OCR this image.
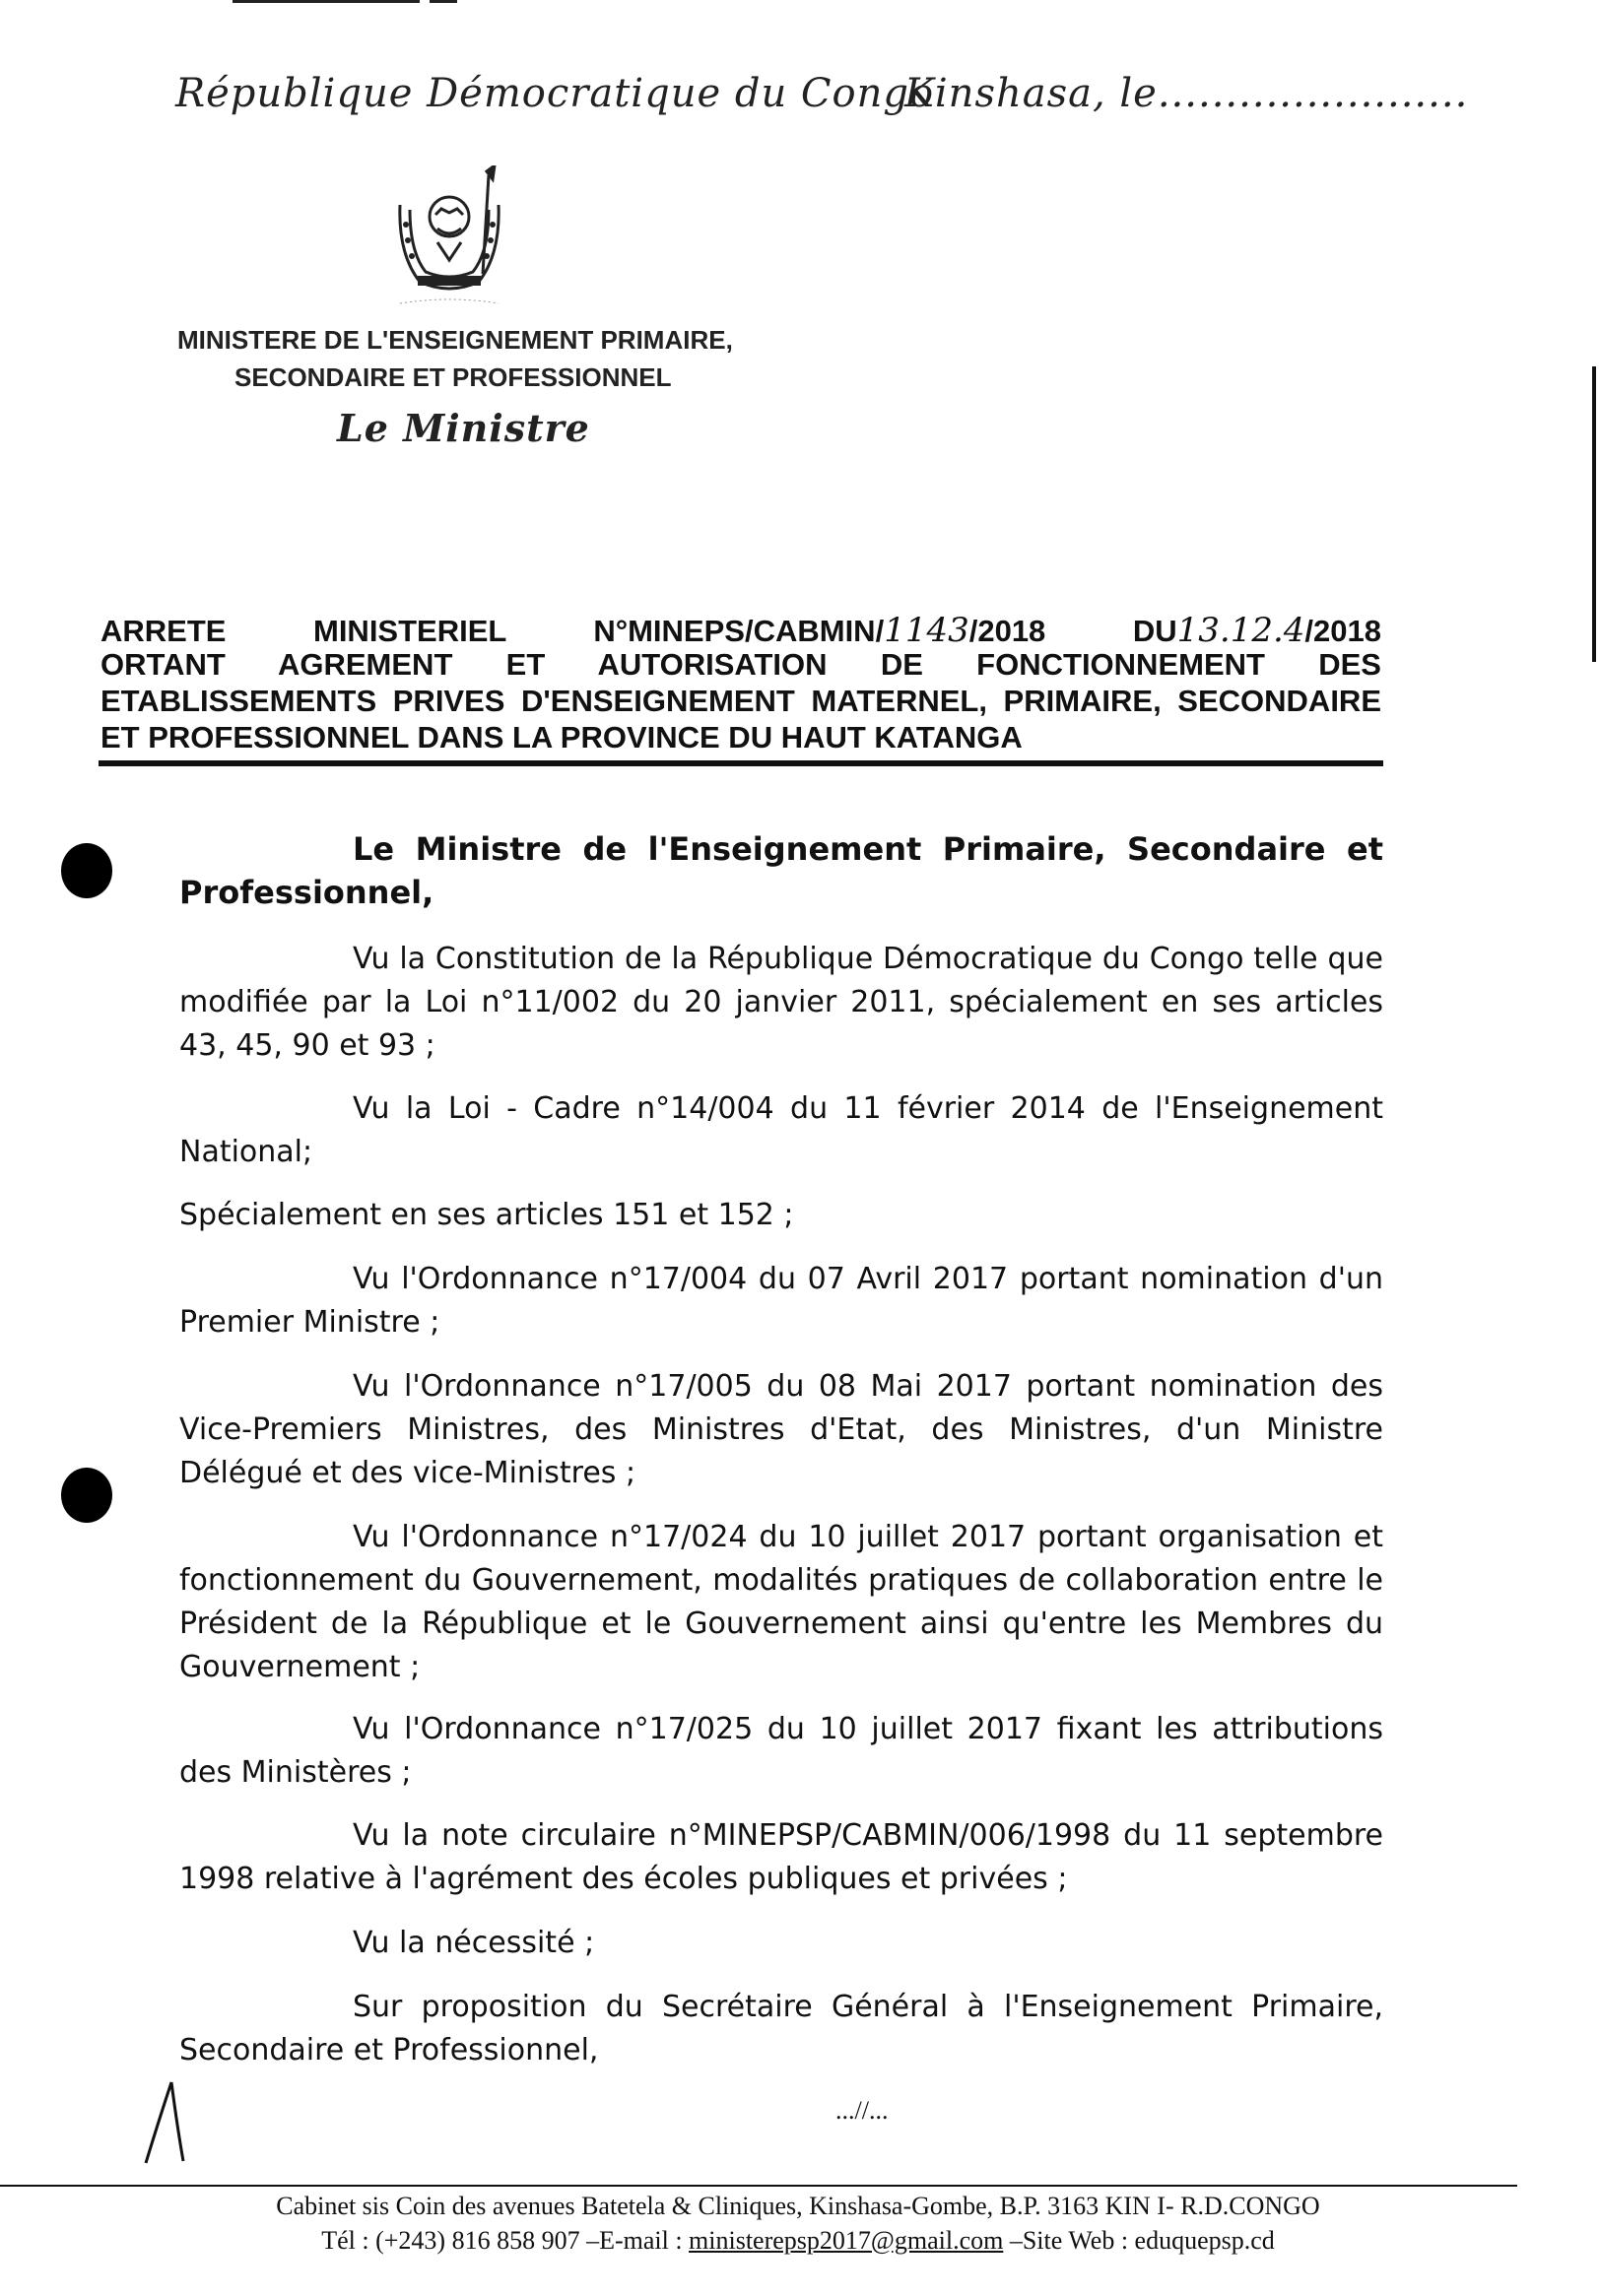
République Démocratique du Congo
Kinshasa, le.......................
MINISTERE DE L'ENSEIGNEMENT PRIMAIRE,
SECONDAIRE ET PROFESSIONNEL
Le Ministre
ARRETE	MINISTERIEL	N°MINEPS/CABMIN/1143/2018	DU13.12.4/2018
ORTANT AGREMENT ET AUTORISATION DE FONCTIONNEMENT DES
ETABLISSEMENTS PRIVES D'ENSEIGNEMENT MATERNEL, PRIMAIRE, SECONDAIRE
ET PROFESSIONNEL DANS LA PROVINCE DU HAUT KATANGA
Le Ministre de l'Enseignement Primaire, Secondaire et Professionnel,
Vu la Constitution de la République Démocratique du Congo telle que modifiée par la Loi n°11/002 du 20 janvier 2011, spécialement en ses articles 43, 45, 90 et 93 ;
Vu la Loi - Cadre n°14/004 du 11 février 2014 de l'Enseignement National;
Spécialement en ses articles 151 et 152 ;
Vu l'Ordonnance n°17/004 du 07 Avril 2017 portant nomination d'un Premier Ministre ;
Vu l'Ordonnance n°17/005 du 08 Mai 2017 portant nomination des Vice-Premiers Ministres, des Ministres d'Etat, des Ministres, d'un Ministre Délégué et des vice-Ministres ;
Vu l'Ordonnance n°17/024 du 10 juillet 2017 portant organisation et fonctionnement du Gouvernement, modalités pratiques de collaboration entre le Président de la République et le Gouvernement ainsi qu'entre les Membres du Gouvernement ;
Vu l'Ordonnance n°17/025 du 10 juillet 2017 fixant les attributions des Ministères ;
Vu la note circulaire n°MINEPSP/CABMIN/006/1998 du 11 septembre 1998 relative à l'agrément des écoles publiques et privées ;
Vu la nécessité ;
Sur proposition du Secrétaire Général à l'Enseignement Primaire, Secondaire et Professionnel,
...//...
Cabinet sis Coin des avenues Batetela & Cliniques, Kinshasa-Gombe, B.P. 3163 KIN I- R.D.CONGO
Tél : (+243) 816 858 907 –E-mail : ministerepsp2017@gmail.com –Site Web : eduquepsp.cd
